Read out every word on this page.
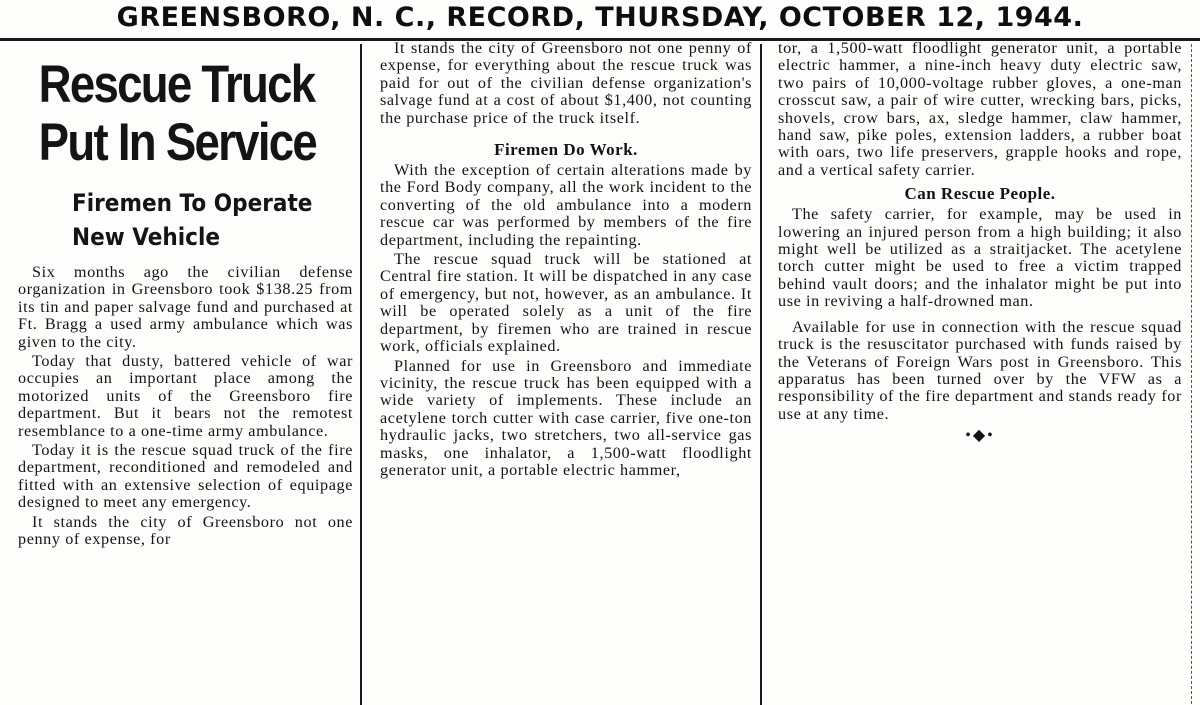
GREENSBORO, N. C., RECORD, THURSDAY, OCTOBER 12, 1944.
Rescue Truck
Put In Service
Firemen To Operate
New Vehicle

Six months ago the civilian defense organization in Greensboro took $138.25 from its tin and paper salvage fund and purchased at Ft. Bragg a used army ambulance which was given to the city.

Today that dusty, battered vehicle of war occupies an important place among the motorized units of the Greensboro fire department. But it bears not the remotest resemblance to a one-time army ambulance.

Today it is the rescue squad truck of the fire department, reconditioned and remodeled and fitted with an extensive selection of equipage designed to meet any emergency.

It stands the city of Greensboro not one penny of expense, for

It stands the city of Greensboro not one penny of expense, for everything about the rescue truck was paid for out of the civilian defense organization's salvage fund at a cost of about $1,400, not counting the purchase price of the truck itself.

Firemen Do Work.

With the exception of certain alterations made by the Ford Body company, all the work incident to the converting of the old ambulance into a modern rescue car was performed by members of the fire department, including the repainting.

The rescue squad truck will be stationed at Central fire station. It will be dispatched in any case of emergency, but not, however, as an ambulance. It will be operated solely as a unit of the fire department, by firemen who are trained in rescue work, officials explained.

Planned for use in Greensboro and immediate vicinity, the rescue truck has been equipped with a wide variety of implements. These include an acetylene torch cutter with case carrier, five one-ton hydraulic jacks, two stretchers, two all-service gas masks, one inhalator, a 1,500-watt floodlight generator unit, a portable electric hammer,

tor, a 1,500-watt floodlight generator unit, a portable electric hammer, a nine-inch heavy duty electric saw, two pairs of 10,000-voltage rubber gloves, a one-man crosscut saw, a pair of wire cutter, wrecking bars, picks, shovels, crow bars, ax, sledge hammer, claw hammer, hand saw, pike poles, extension ladders, a rubber boat with oars, two life preservers, grapple hooks and rope, and a vertical safety carrier.

Can Rescue People.

The safety carrier, for example, may be used in lowering an injured person from a high building; it also might well be utilized as a straitjacket. The acetylene torch cutter might be used to free a victim trapped behind vault doors; and the inhalator might be put into use in reviving a half-drowned man.

Available for use in connection with the rescue squad truck is the resuscitator purchased with funds raised by the Veterans of Foreign Wars post in Greensboro. This apparatus has been turned over by the VFW as a responsibility of the fire department and stands ready for use at any time.

•◆•
